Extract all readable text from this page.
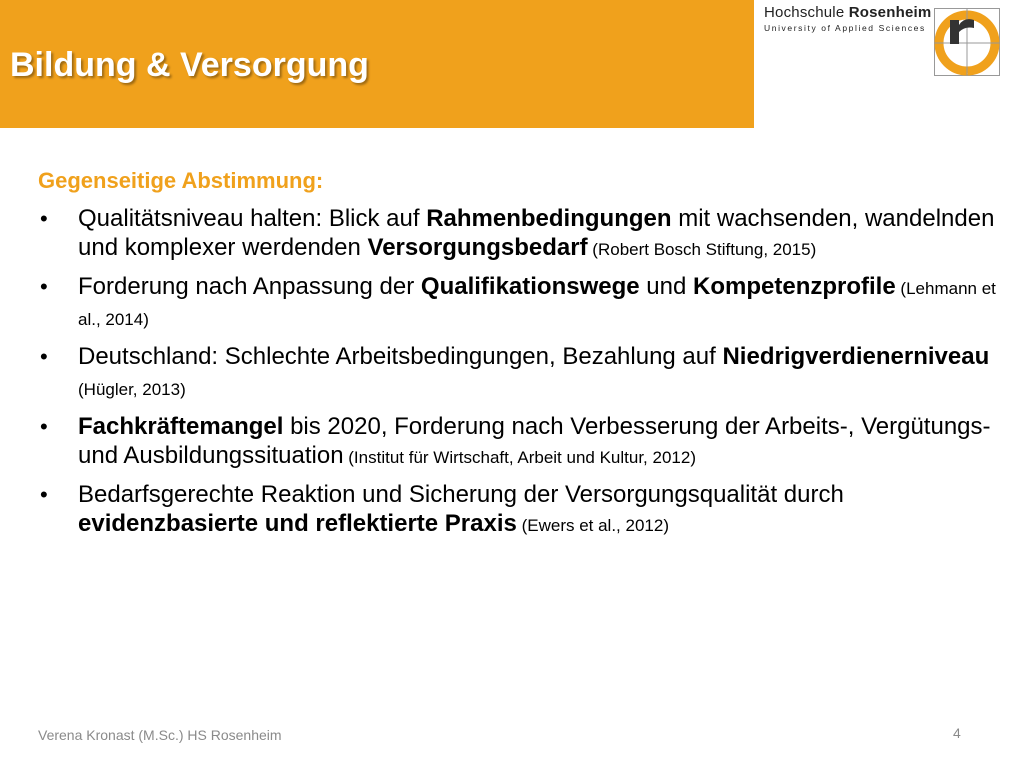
Bildung & Versorgung
Hochschule Rosenheim
University of Applied Sciences
r
Gegenseitige Abstimmung:
• Qualitätsniveau halten: Blick auf Rahmenbedingungen mit wachsenden, wandelnden und komplexer werdenden Versorgungsbedarf (Robert Bosch Stiftung, 2015)
• Forderung nach Anpassung der Qualifikationswege und Kompetenzprofile (Lehmann et al., 2014)
• Deutschland: Schlechte Arbeitsbedingungen, Bezahlung auf Niedrigverdienerniveau (Hügler, 2013)
• Fachkräftemangel bis 2020, Forderung nach Verbesserung der Arbeits-, Vergütungs- und Ausbildungssituation (Institut für Wirtschaft, Arbeit und Kultur, 2012)
• Bedarfsgerechte Reaktion und Sicherung der Versorgungsqualität durch evidenzbasierte und reflektierte Praxis (Ewers et al., 2012)
Verena Kronast (M.Sc.) HS Rosenheim	4
